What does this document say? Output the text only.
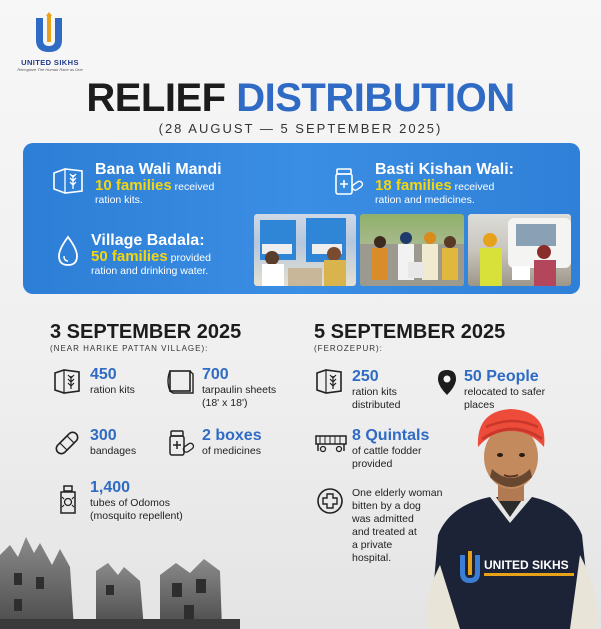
UNITED SIKHS
Recognize The Human Race as One
RELIEF DISTRIBUTION
(28 AUGUST — 5 SEPTEMBER 2025)
Bana Wali Mandi
10 families received
ration kits.
Basti Kishan Wali:
18 families received
ration and medicines.
Village Badala:
50 families provided
ration and drinking water.
3 SEPTEMBER 2025
(NEAR HARIKE PATTAN VILLAGE):
450
ration kits
700
tarpaulin sheets
(18' x 18')
300
bandages
2 boxes
of medicines
1,400
tubes of Odomos
(mosquito repellent)
5 SEPTEMBER 2025
(FEROZEPUR):
250
ration kits
distributed
50 People
relocated to safer
places
8 Quintals
of cattle fodder
provided
One elderly woman
bitten by a dog
was admitted
and treated at
a private
hospital.	UNITED SIKHS
